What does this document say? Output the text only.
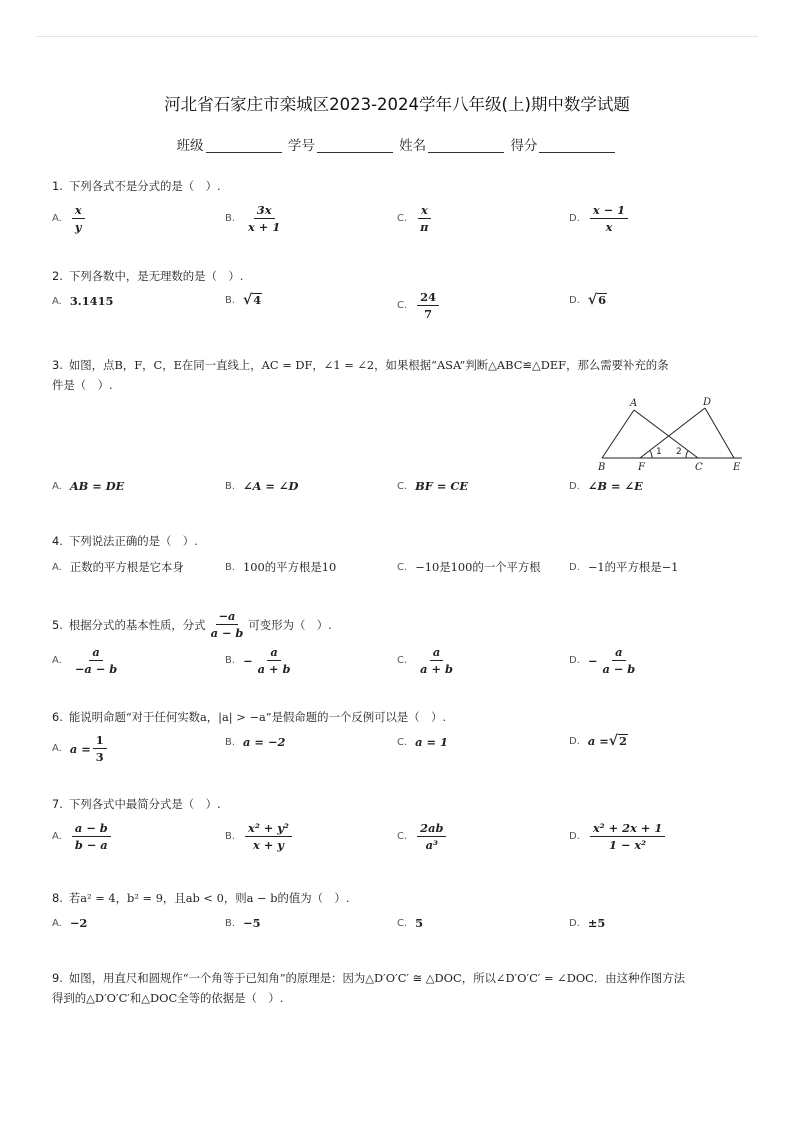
河北省石家庄市栾城区2023-2024学年八年级(上)期中数学试题
班级	学号	姓名	得分
1. 下列各式不是分式的是（　）.
A. $\frac{x}{y}$	B. $\frac{3x}{x + 1}$	C. $\frac{x}{\pi}$	D. $\frac{x - 1}{x}$
2. 下列各数中，是无理数的是（　）.
A. 3.1415	B. √ 4	C. $\frac{24}{7}$	D. √ 6
3. 如图，点B，F，C，E在同一直线上，AC = DF，∠1 = ∠2，如果根据“ASA”判断△ABC≌△DEF，那么需要补充的条
件是（　）.
A	D
B	F	C	E
1 2
A. AB = DE	B. ∠A = ∠D	C. BF = CE	D. ∠B = ∠E
4. 下列说法正确的是（　）.
A. 正数的平方根是它本身	B. 100的平方根是10	C. −10是100的一个平方根	D. −1的平方根是−1
5. 根据分式的基本性质，分式 $\frac{-a}{a - b}$ 可变形为（　）.
A. $\frac{a}{-a - b}$	B. − $\frac{a}{a + b}$	C. $\frac{a}{a + b}$	D. − $\frac{a}{a - b}$
6. 能说明命题“对于任何实数a，|a| > −a”是假命题的一个反例可以是（　）.
A. $a = \frac{1}{3}$	B. a = −2	C. a = 1	D. a = √ 2
7. 下列各式中最简分式是（　）.
A. $\frac{a - b}{b - a}$	B. $\frac{\text{x² + y²}}{x + y}$	C. $\frac{2ab}{\text{a³}}$	D. $\frac{\text{x² + 2x + 1}}{\text{1 − x²}}$
8. 若a² = 4，b² = 9，且ab < 0，则a − b的值为（　）.
A. −2	B. −5	C. 5	D. ±5
9. 如图，用直尺和圆规作“一个角等于已知角”的原理是：因为△D′O′C′ ≅ △DOC，所以∠D′O′C′ = ∠DOC．由这种作图方法
得到的△D′O′C′和△DOC全等的依据是（　）.
